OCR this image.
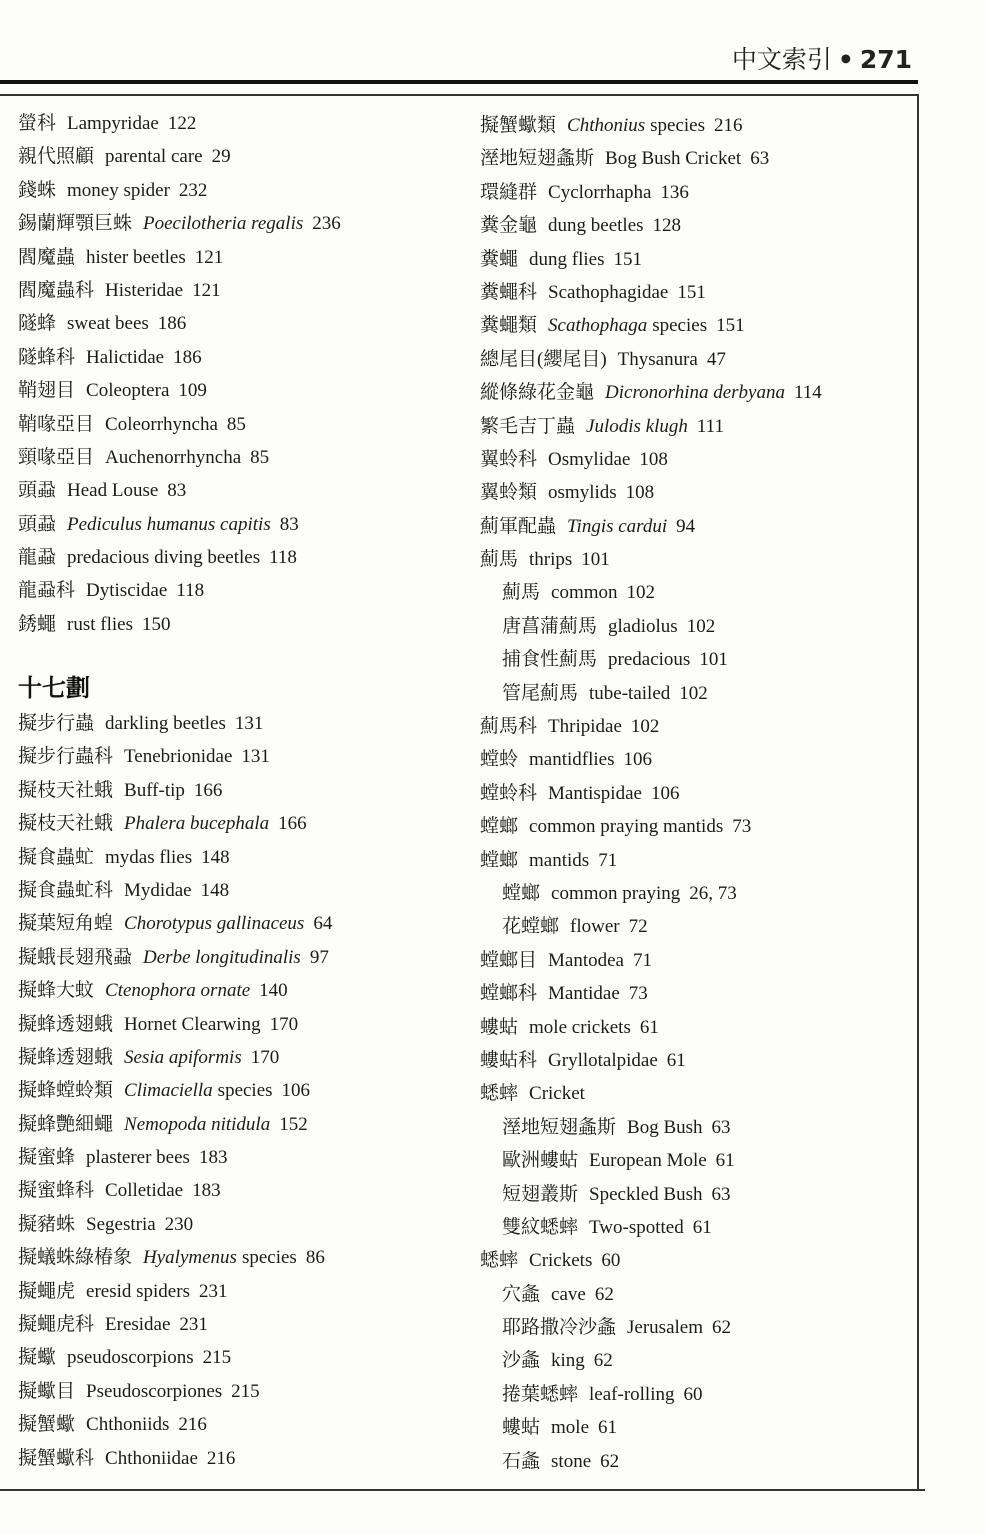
中文索引 • 271
螢科 Lampyridae 122
親代照顧 parental care 29
錢蛛 money spider 232
錫蘭輝顎巨蛛 Poecilotheria regalis 236
閻魔蟲 hister beetles 121
閻魔蟲科 Histeridae 121
隧蜂 sweat bees 186
隧蜂科 Halictidae 186
鞘翅目 Coleoptera 109
鞘喙亞目 Coleorrhyncha 85
頸喙亞目 Auchenorrhyncha 85
頭蝨 Head Louse 83
頭蝨 Pediculus humanus capitis 83
龍蝨 predacious diving beetles 118
龍蝨科 Dytiscidae 118
銹蠅 rust flies 150
十七劃
擬步行蟲 darkling beetles 131
擬步行蟲科 Tenebrionidae 131
擬枝天社蛾 Buff-tip 166
擬枝天社蛾 Phalera bucephala 166
擬食蟲虻 mydas flies 148
擬食蟲虻科 Mydidae 148
擬葉短角蝗 Chorotypus gallinaceus 64
擬蛾長翅飛蝨 Derbe longitudinalis 97
擬蜂大蚊 Ctenophora ornate 140
擬蜂透翅蛾 Hornet Clearwing 170
擬蜂透翅蛾 Sesia apiformis 170
擬蜂螳蛉類 Climaciella species 106
擬蜂艷細蠅 Nemopoda nitidula 152
擬蜜蜂 plasterer bees 183
擬蜜蜂科 Colletidae 183
擬豬蛛 Segestria 230
擬蟻蛛綠椿象 Hyalymenus species 86
擬蠅虎 eresid spiders 231
擬蠅虎科 Eresidae 231
擬蠍 pseudoscorpions 215
擬蠍目 Pseudoscorpiones 215
擬蟹蠍 Chthoniids 216
擬蟹蠍科 Chthoniidae 216
擬蟹蠍類 Chthonius species 216
溼地短翅螽斯 Bog Bush Cricket 63
環縫群 Cyclorrhapha 136
糞金龜 dung beetles 128
糞蠅 dung flies 151
糞蠅科 Scathophagidae 151
糞蠅類 Scathophaga species 151
總尾目(纓尾目) Thysanura 47
縱條綠花金龜 Dicronorhina derbyana 114
繁毛吉丁蟲 Julodis klugh 111
翼蛉科 Osmylidae 108
翼蛉類 osmylids 108
薊軍配蟲 Tingis cardui 94
薊馬 thrips 101
薊馬 common 102
唐菖蒲薊馬 gladiolus 102
捕食性薊馬 predacious 101
管尾薊馬 tube-tailed 102
薊馬科 Thripidae 102
螳蛉 mantidflies 106
螳蛉科 Mantispidae 106
螳螂 common praying mantids 73
螳螂 mantids 71
螳螂 common praying 26, 73
花螳螂 flower 72
螳螂目 Mantodea 71
螳螂科 Mantidae 73
螻蛄 mole crickets 61
螻蛄科 Gryllotalpidae 61
蟋蟀 Cricket
溼地短翅螽斯 Bog Bush 63
歐洲螻蛄 European Mole 61
短翅叢斯 Speckled Bush 63
雙紋蟋蟀 Two-spotted 61
蟋蟀 Crickets 60
穴螽 cave 62
耶路撒冷沙螽 Jerusalem 62
沙螽 king 62
捲葉蟋蟀 leaf-rolling 60
螻蛄 mole 61
石螽 stone 62
